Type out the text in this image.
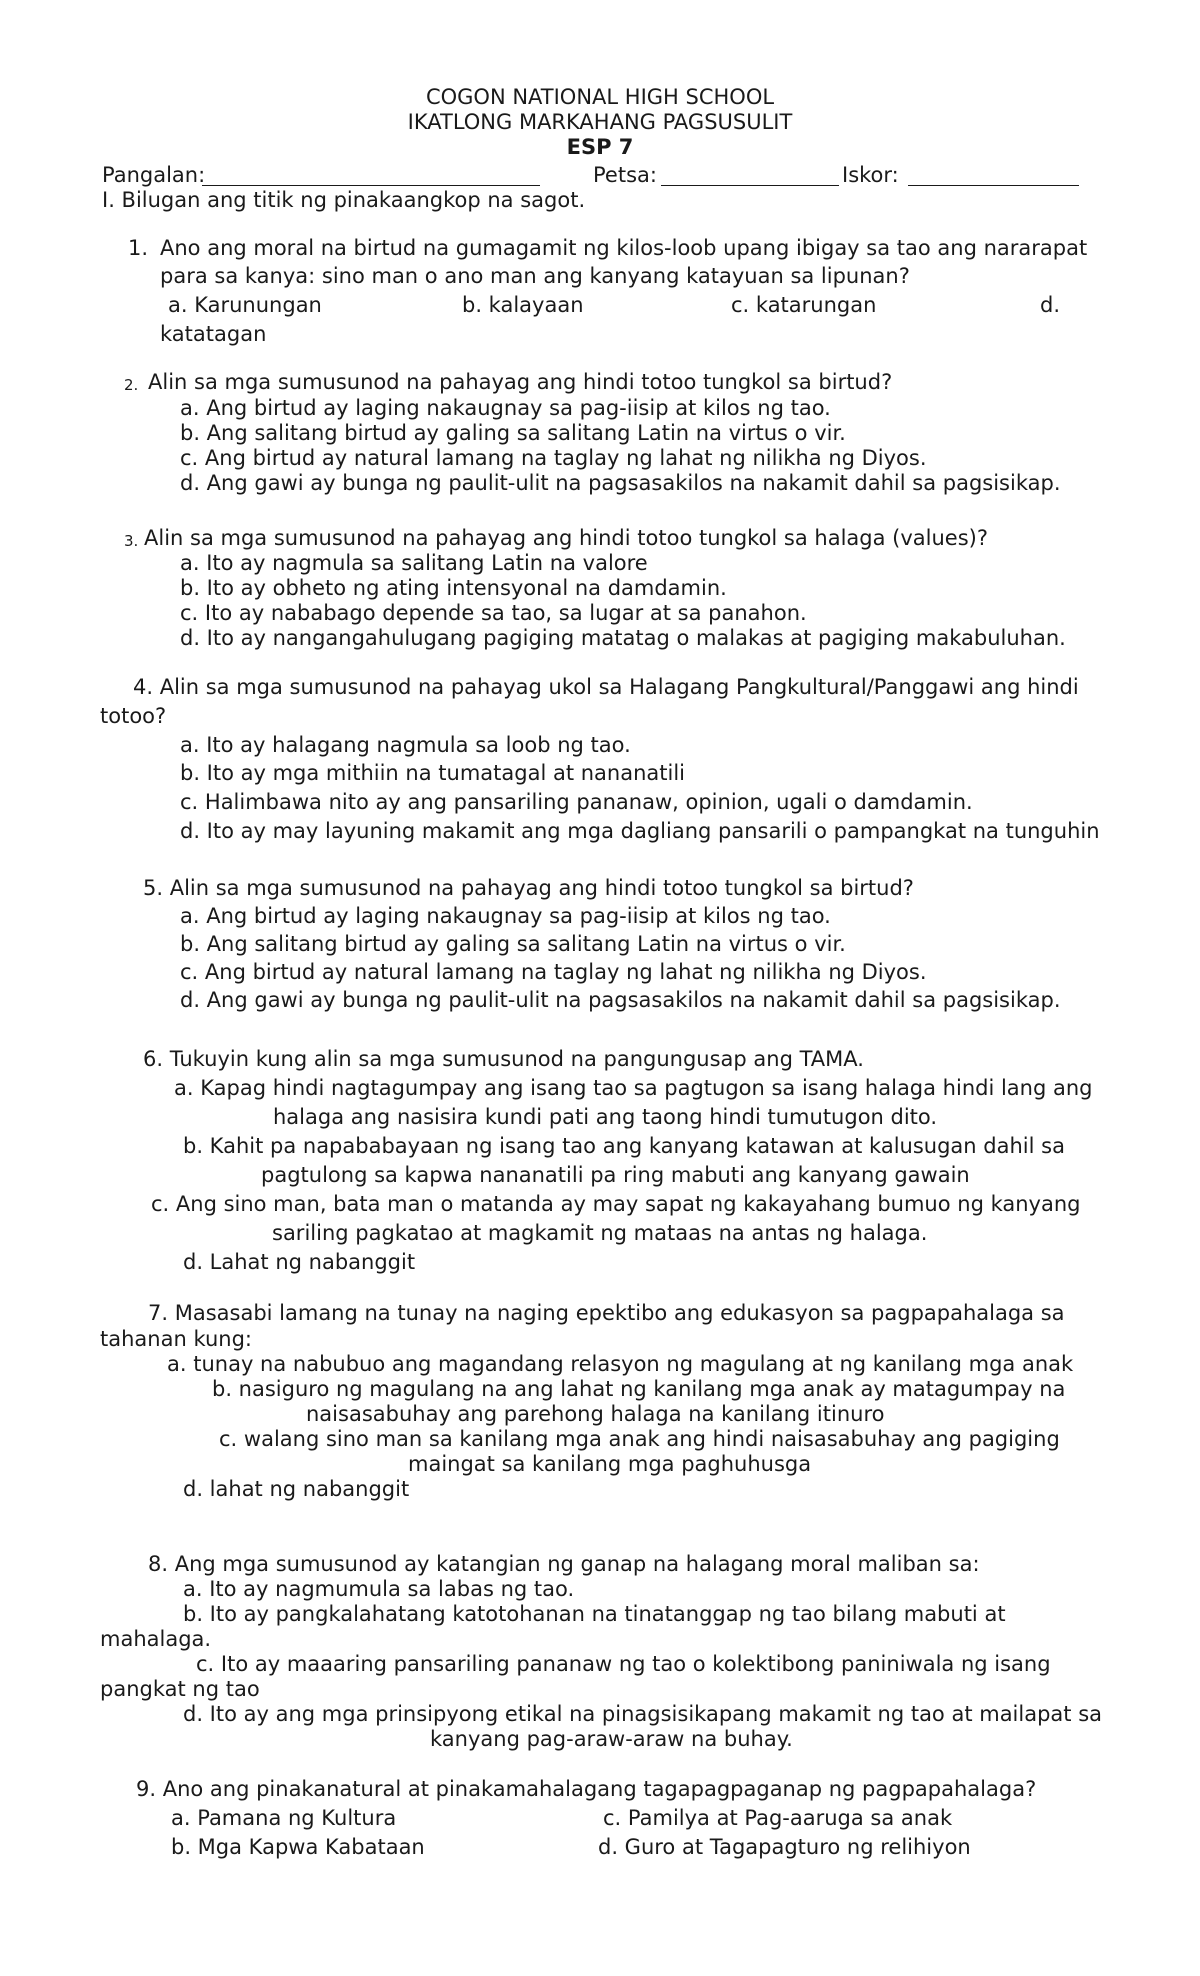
COGON NATIONAL HIGH SCHOOL
IKATLONG MARKAHANG PAGSUSULIT
ESP 7
Pangalan:	Petsa:	Iskor:
I. Bilugan ang titik ng pinakaangkop na sagot.
1. Ano ang moral na birtud na gumagamit ng kilos-loob upang ibigay sa tao ang nararapat
para sa kanya: sino man o ano man ang kanyang katayuan sa lipunan?
a. Karunungan	b. kalayaan	c. katarungan	d.
katatagan
2. Alin sa mga sumusunod na pahayag ang hindi totoo tungkol sa birtud?
a. Ang birtud ay laging nakaugnay sa pag-iisip at kilos ng tao.
b. Ang salitang birtud ay galing sa salitang Latin na virtus o vir.
c. Ang birtud ay natural lamang na taglay ng lahat ng nilikha ng Diyos.
d. Ang gawi ay bunga ng paulit-ulit na pagsasakilos na nakamit dahil sa pagsisikap.
3. Alin sa mga sumusunod na pahayag ang hindi totoo tungkol sa halaga (values)?
a. Ito ay nagmula sa salitang Latin na valore
b. Ito ay obheto ng ating intensyonal na damdamin.
c. Ito ay nababago depende sa tao, sa lugar at sa panahon.
d. Ito ay nangangahulugang pagiging matatag o malakas at pagiging makabuluhan.
4. Alin sa mga sumusunod na pahayag ukol sa Halagang Pangkultural/Panggawi ang hindi
totoo?
a. Ito ay halagang nagmula sa loob ng tao.
b. Ito ay mga mithiin na tumatagal at nananatili
c. Halimbawa nito ay ang pansariling pananaw, opinion, ugali o damdamin.
d. Ito ay may layuning makamit ang mga dagliang pansarili o pampangkat na tunguhin
5. Alin sa mga sumusunod na pahayag ang hindi totoo tungkol sa birtud?
a. Ang birtud ay laging nakaugnay sa pag-iisip at kilos ng tao.
b. Ang salitang birtud ay galing sa salitang Latin na virtus o vir.
c. Ang birtud ay natural lamang na taglay ng lahat ng nilikha ng Diyos.
d. Ang gawi ay bunga ng paulit-ulit na pagsasakilos na nakamit dahil sa pagsisikap.
6. Tukuyin kung alin sa mga sumusunod na pangungusap ang TAMA.
a. Kapag hindi nagtagumpay ang isang tao sa pagtugon sa isang halaga hindi lang ang
halaga ang nasisira kundi pati ang taong hindi tumutugon dito.
b. Kahit pa napababayaan ng isang tao ang kanyang katawan at kalusugan dahil sa
pagtulong sa kapwa nananatili pa ring mabuti ang kanyang gawain
c. Ang sino man, bata man o matanda ay may sapat ng kakayahang bumuo ng kanyang
sariling pagkatao at magkamit ng mataas na antas ng halaga.
d. Lahat ng nabanggit
7. Masasabi lamang na tunay na naging epektibo ang edukasyon sa pagpapahalaga sa
tahanan kung:
a. tunay na nabubuo ang magandang relasyon ng magulang at ng kanilang mga anak
b. nasiguro ng magulang na ang lahat ng kanilang mga anak ay matagumpay na
naisasabuhay ang parehong halaga na kanilang itinuro
c. walang sino man sa kanilang mga anak ang hindi naisasabuhay ang pagiging
maingat sa kanilang mga paghuhusga
d. lahat ng nabanggit
8. Ang mga sumusunod ay katangian ng ganap na halagang moral maliban sa:
a. Ito ay nagmumula sa labas ng tao.
b. Ito ay pangkalahatang katotohanan na tinatanggap ng tao bilang mabuti at
mahalaga.
c. Ito ay maaaring pansariling pananaw ng tao o kolektibong paniniwala ng isang
pangkat ng tao
d. Ito ay ang mga prinsipyong etikal na pinagsisikapang makamit ng tao at mailapat sa
kanyang pag-araw-araw na buhay.
9. Ano ang pinakanatural at pinakamahalagang tagapagpaganap ng pagpapahalaga?
a. Pamana ng Kultura	c. Pamilya at Pag-aaruga sa anak
b. Mga Kapwa Kabataan	d. Guro at Tagapagturo ng relihiyon
